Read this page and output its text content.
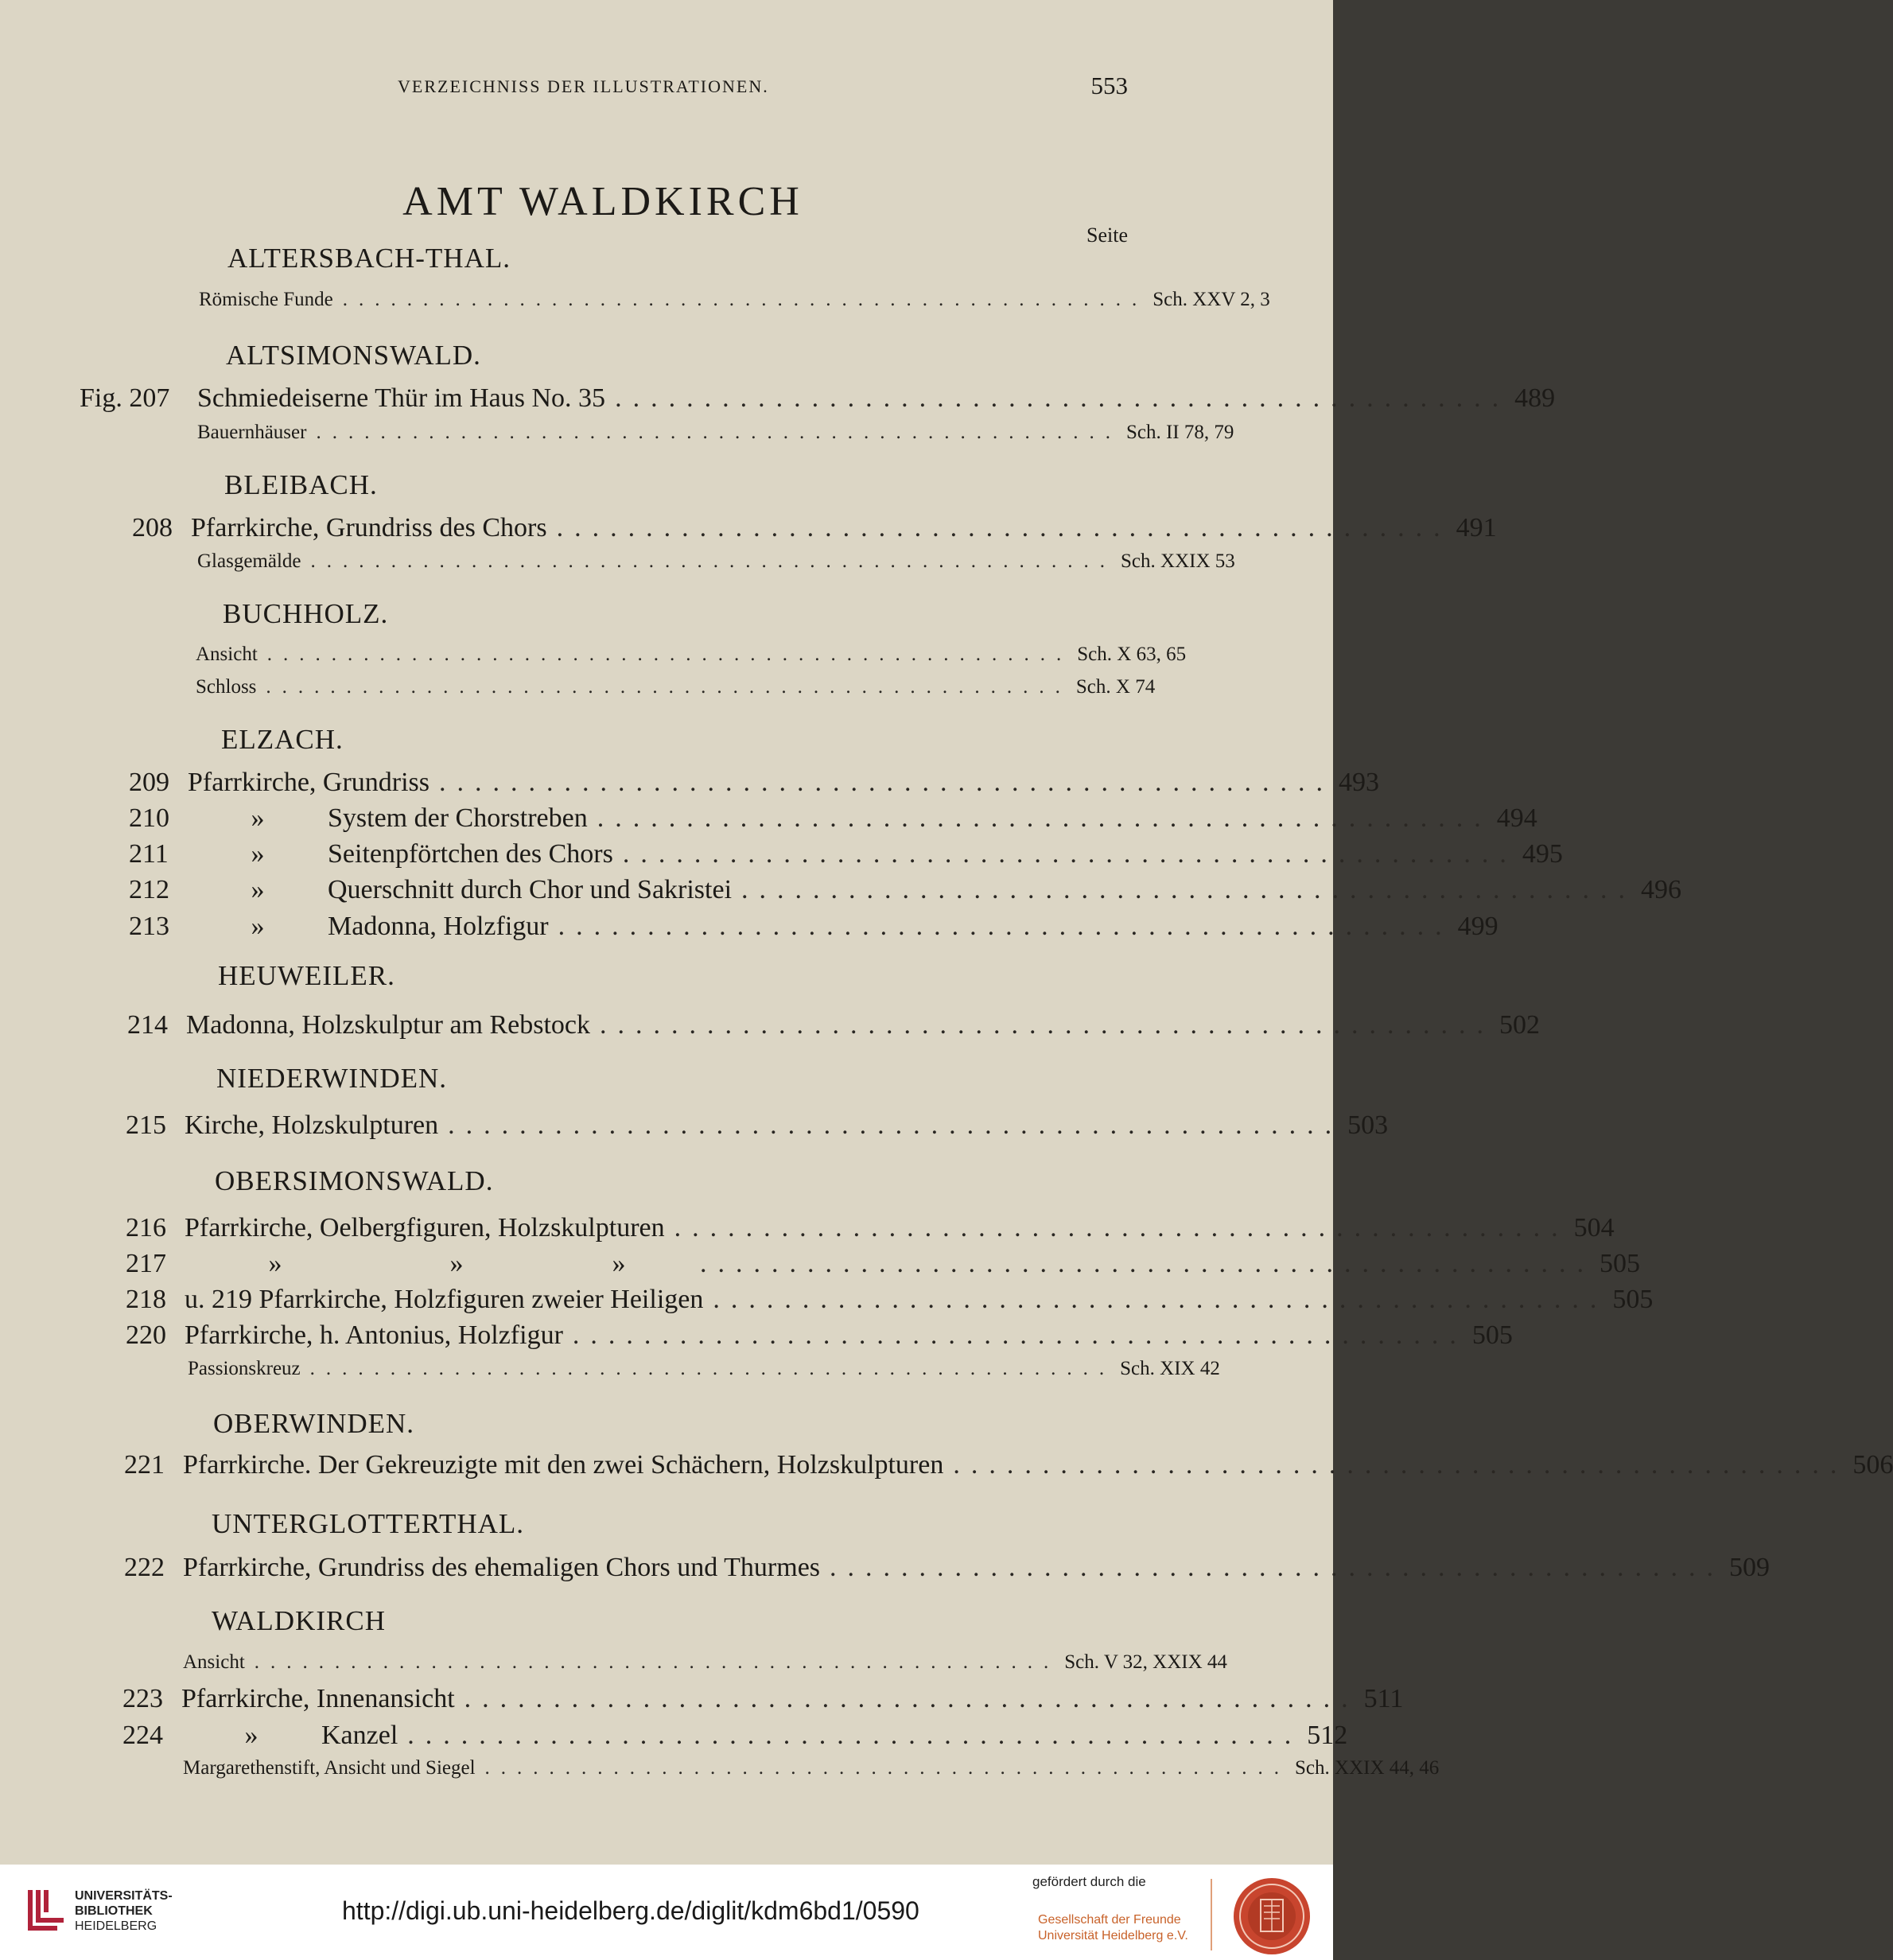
VERZEICHNISS DER ILLUSTRATIONEN.	553
AMT WALDKIRCH
Seite
ALTERSBACH-THAL.
Römische Funde .................................................. Sch. XXV 2, 3
ALTSIMONSWALD.
Fig. 207 Schmiedeiserne Thür im Haus No. 35 .................................................. 489
Bauernhäuser .................................................. Sch. II 78, 79
BLEIBACH.
208 Pfarrkirche, Grundriss des Chors .................................................. 491
Glasgemälde .................................................. Sch. XXIX 53
BUCHHOLZ.
Ansicht .................................................. Sch. X 63, 65
Schloss .................................................. Sch. X 74
ELZACH.
209 Pfarrkirche, Grundriss .................................................. 493
210	» System der Chorstreben .................................................. 494
211	» Seitenpförtchen des Chors .................................................. 495
212	» Querschnitt durch Chor und Sakristei .................................................. 496
213	» Madonna, Holzfigur .................................................. 499
HEUWEILER.
214 Madonna, Holzskulptur am Rebstock .................................................. 502
NIEDERWINDEN.
215 Kirche, Holzskulpturen .................................................. 503
OBERSIMONSWALD.
216 Pfarrkirche, Oelbergfiguren, Holzskulpturen .................................................. 504
217	»	»	»	.................................................. 505
218 u. 219 Pfarrkirche, Holzfiguren zweier Heiligen .................................................. 505
220 Pfarrkirche, h. Antonius, Holzfigur .................................................. 505
Passionskreuz .................................................. Sch. XIX 42
OBERWINDEN.
221 Pfarrkirche. Der Gekreuzigte mit den zwei Schächern, Holzskulpturen .................................................. 506
UNTERGLOTTERTHAL.
222 Pfarrkirche, Grundriss des ehemaligen Chors und Thurmes .................................................. 509
WALDKIRCH
Ansicht .................................................. Sch. V 32, XXIX 44
223 Pfarrkirche, Innenansicht .................................................. 511
224	» Kanzel .................................................. 512
Margarethenstift, Ansicht und Siegel .................................................. Sch. XXIX 44, 46
UNIVERSITÄTS-
BIBLIOTHEK
HEIDELBERG
http://digi.ub.uni-heidelberg.de/diglit/kdm6bd1/0590
gefördert durch die
Gesellschaft der Freunde
Universität Heidelberg e.V.
